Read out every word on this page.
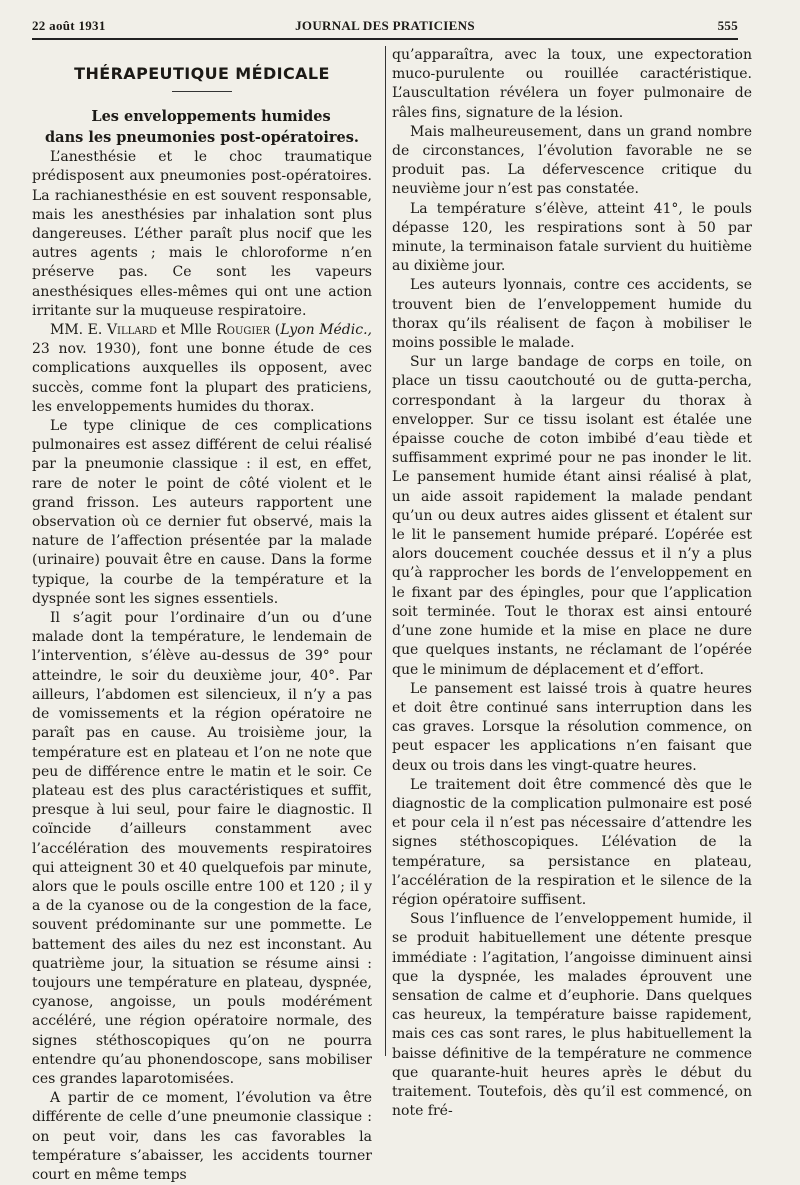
22 août 1931	JOURNAL DES PRATICIENS	555
THÉRAPEUTIQUE MÉDICALE

Les enveloppements humides
dans les pneumonies post-opératoires.

L’anesthésie et le choc traumatique prédisposent aux pneumonies post-opératoires. La rachianesthésie en est souvent responsable, mais les anesthésies par inhalation sont plus dangereuses. L’éther paraît plus nocif que les autres agents ; mais le chloroforme n’en préserve pas. Ce sont les vapeurs anesthésiques elles-mêmes qui ont une action irritante sur la muqueuse respiratoire.

MM. E. Villard et Mlle Rougier (Lyon Médic., 23 nov. 1930), font une bonne étude de ces complications auxquelles ils opposent, avec succès, comme font la plupart des praticiens, les enveloppements humides du thorax.

Le type clinique de ces complications pulmonaires est assez différent de celui réalisé par la pneumonie classique : il est, en effet, rare de noter le point de côté violent et le grand frisson. Les auteurs rapportent une observation où ce dernier fut observé, mais la nature de l’affection présentée par la malade (urinaire) pouvait être en cause. Dans la forme typique, la courbe de la température et la dyspnée sont les signes essentiels.

Il s’agit pour l’ordinaire d’un ou d’une malade dont la température, le lendemain de l’intervention, s’élève au-dessus de 39° pour atteindre, le soir du deuxième jour, 40°. Par ailleurs, l’abdomen est silencieux, il n’y a pas de vomissements et la région opératoire ne paraît pas en cause. Au troisième jour, la température est en plateau et l’on ne note que peu de différence entre le matin et le soir. Ce plateau est des plus caractéristiques et suffit, presque à lui seul, pour faire le diagnostic. Il coïncide d’ailleurs constamment avec l’accélération des mouvements respiratoires qui atteignent 30 et 40 quelquefois par minute, alors que le pouls oscille entre 100 et 120 ; il y a de la cyanose ou de la congestion de la face, souvent prédominante sur une pommette. Le battement des ailes du nez est inconstant. Au quatrième jour, la situation se résume ainsi : toujours une température en plateau, dyspnée, cyanose, angoisse, un pouls modérément accéléré, une région opératoire normale, des signes stéthoscopiques qu’on ne pourra entendre qu’au phonendoscope, sans mobiliser ces grandes laparotomisées.

A partir de ce moment, l’évolution va être différente de celle d’une pneumonie classique : on peut voir, dans les cas favorables la température s’abaisser, les accidents tourner court en même temps

qu’apparaîtra, avec la toux, une expectoration muco-purulente ou rouillée caractéristique. L’auscultation révélera un foyer pulmonaire de râles fins, signature de la lésion.

Mais malheureusement, dans un grand nombre de circonstances, l’évolution favorable ne se produit pas. La défervescence critique du neuvième jour n’est pas constatée.

La température s’élève, atteint 41°, le pouls dépasse 120, les respirations sont à 50 par minute, la terminaison fatale survient du huitième au dixième jour.

Les auteurs lyonnais, contre ces accidents, se trouvent bien de l’enveloppement humide du thorax qu’ils réalisent de façon à mobiliser le moins possible le malade.

Sur un large bandage de corps en toile, on place un tissu caoutchouté ou de gutta-percha, correspondant à la largeur du thorax à envelopper. Sur ce tissu isolant est étalée une épaisse couche de coton imbibé d’eau tiède et suffisamment exprimé pour ne pas inonder le lit. Le pansement humide étant ainsi réalisé à plat, un aide assoit rapidement la malade pendant qu’un ou deux autres aides glissent et étalent sur le lit le pansement humide préparé. L’opérée est alors doucement couchée dessus et il n’y a plus qu’à rapprocher les bords de l’enveloppement en le fixant par des épingles, pour que l’application soit terminée. Tout le thorax est ainsi entouré d’une zone humide et la mise en place ne dure que quelques instants, ne réclamant de l’opérée que le minimum de déplacement et d’effort.

Le pansement est laissé trois à quatre heures et doit être continué sans interruption dans les cas graves. Lorsque la résolution commence, on peut espacer les applications n’en faisant que deux ou trois dans les vingt-quatre heures.

Le traitement doit être commencé dès que le diagnostic de la complication pulmonaire est posé et pour cela il n’est pas nécessaire d’attendre les signes stéthoscopiques. L’élévation de la température, sa persistance en plateau, l’accélération de la respiration et le silence de la région opératoire suffisent.

Sous l’influence de l’enveloppement humide, il se produit habituellement une détente presque immédiate : l’agitation, l’angoisse diminuent ainsi que la dyspnée, les malades éprouvent une sensation de calme et d’euphorie. Dans quelques cas heureux, la température baisse rapidement, mais ces cas sont rares, le plus habituellement la baisse définitive de la température ne commence que quarante-huit heures après le début du traitement. Toutefois, dès qu’il est commencé, on note fré-
